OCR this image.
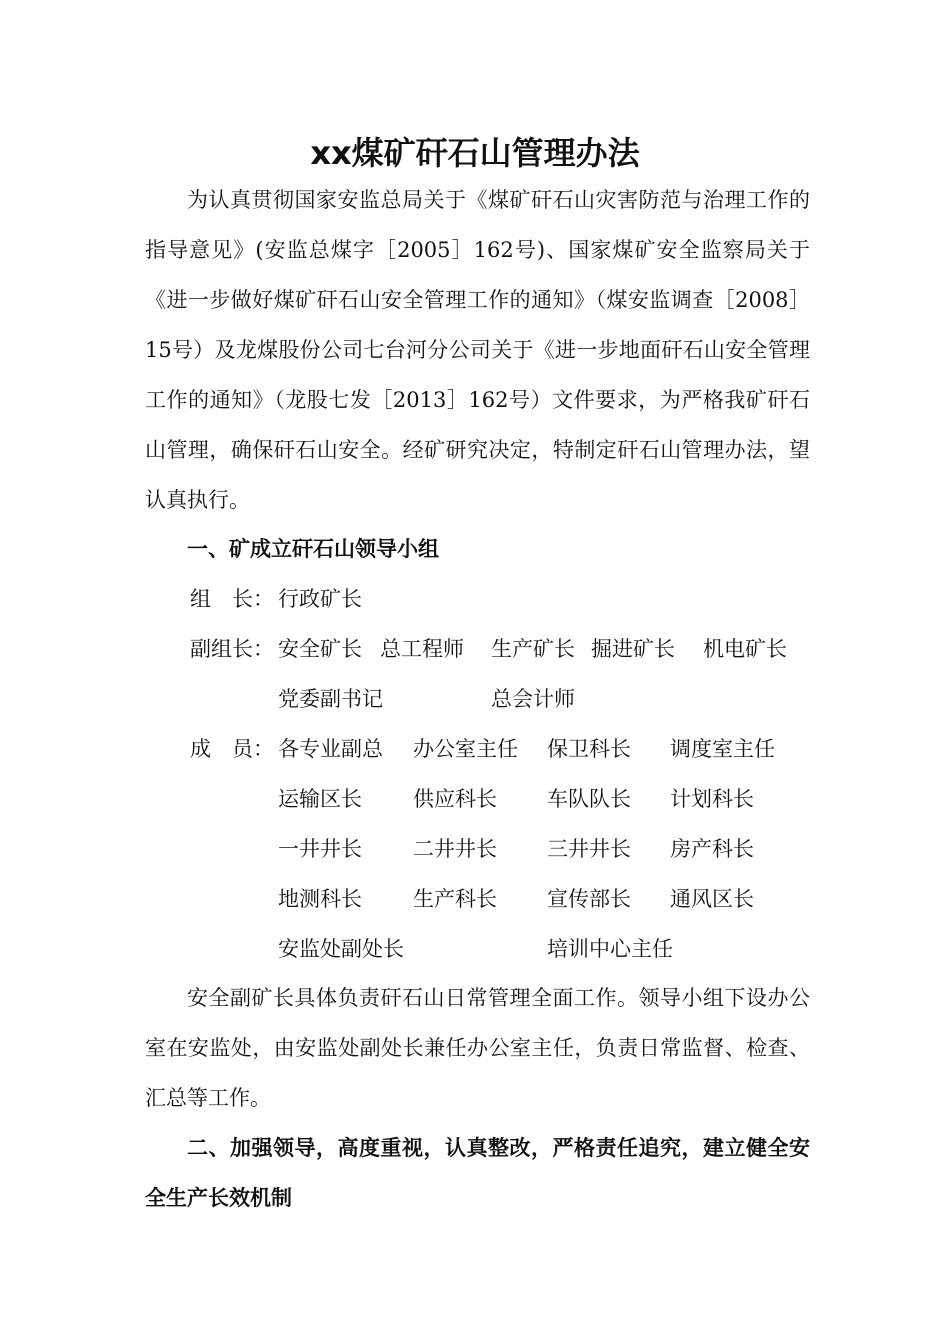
xx煤矿矸石山管理办法

为认真贯彻国家安监总局关于《煤矿矸石山灾害防范与治理工作的指导意见》(安监总煤字［2005］162号)、国家煤矿安全监察局关于《进一步做好煤矿矸石山安全管理工作的通知》（煤安监调查［2008］15号）及龙煤股份公司七台河分公司关于《进一步地面矸石山安全管理工作的通知》（龙股七发［2013］162号）文件要求，为严格我矿矸石山管理，确保矸石山安全。经矿研究决定，特制定矸石山管理办法，望认真执行。

一、矿成立矸石山领导小组

组　长： 行政矿长
副组长： 安全矿长 总工程师 生产矿长 掘进矿长 机电矿长
党委副书记	总会计师
成　员： 各专业副总 办公室主任 保卫科长 调度室主任
运输区长 供应科长 车队队长 计划科长
一井井长 二井井长 三井井长 房产科长
地测科长 生产科长 宣传部长 通风区长
安监处副处长	培训中心主任

安全副矿长具体负责矸石山日常管理全面工作。领导小组下设办公室在安监处，由安监处副处长兼任办公室主任，负责日常监督、检查、汇总等工作。

二、加强领导，高度重视，认真整改，严格责任追究，建立健全安全生产长效机制
